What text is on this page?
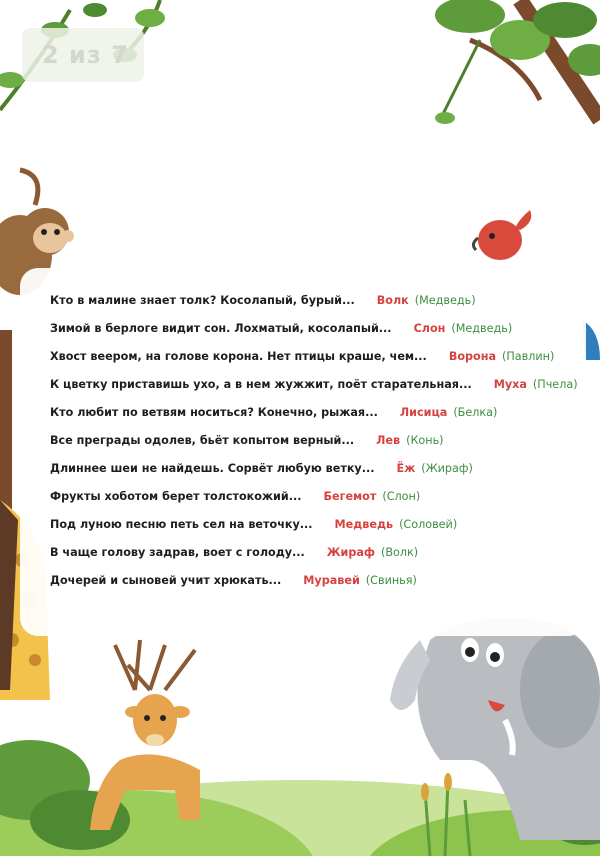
2 из 7
Кто в малине знает толк? Косолапый, бурый... Волк (Медведь)
Зимой в берлоге видит сон. Лохматый, косолапый... Слон (Медведь)
Хвост веером, на голове корона. Нет птицы краше, чем... Ворона (Павлин)
К цветку приставишь ухо, а в нем жужжит, поёт старательная... Муха (Пчела)
Кто любит по ветвям носиться? Конечно, рыжая... Лисица (Белка)
Все преграды одолев, бьёт копытом верный... Лев (Конь)
Длиннее шеи не найдешь. Сорвёт любую ветку... Ёж (Жираф)
Фрукты хоботом берет толстокожий... Бегемот (Слон)
Под луною песню петь сел на веточку... Медведь (Соловей)
В чаще голову задрав, воет с голоду... Жираф (Волк)
Дочерей и сыновей учит хрюкать... Муравей (Свинья)
